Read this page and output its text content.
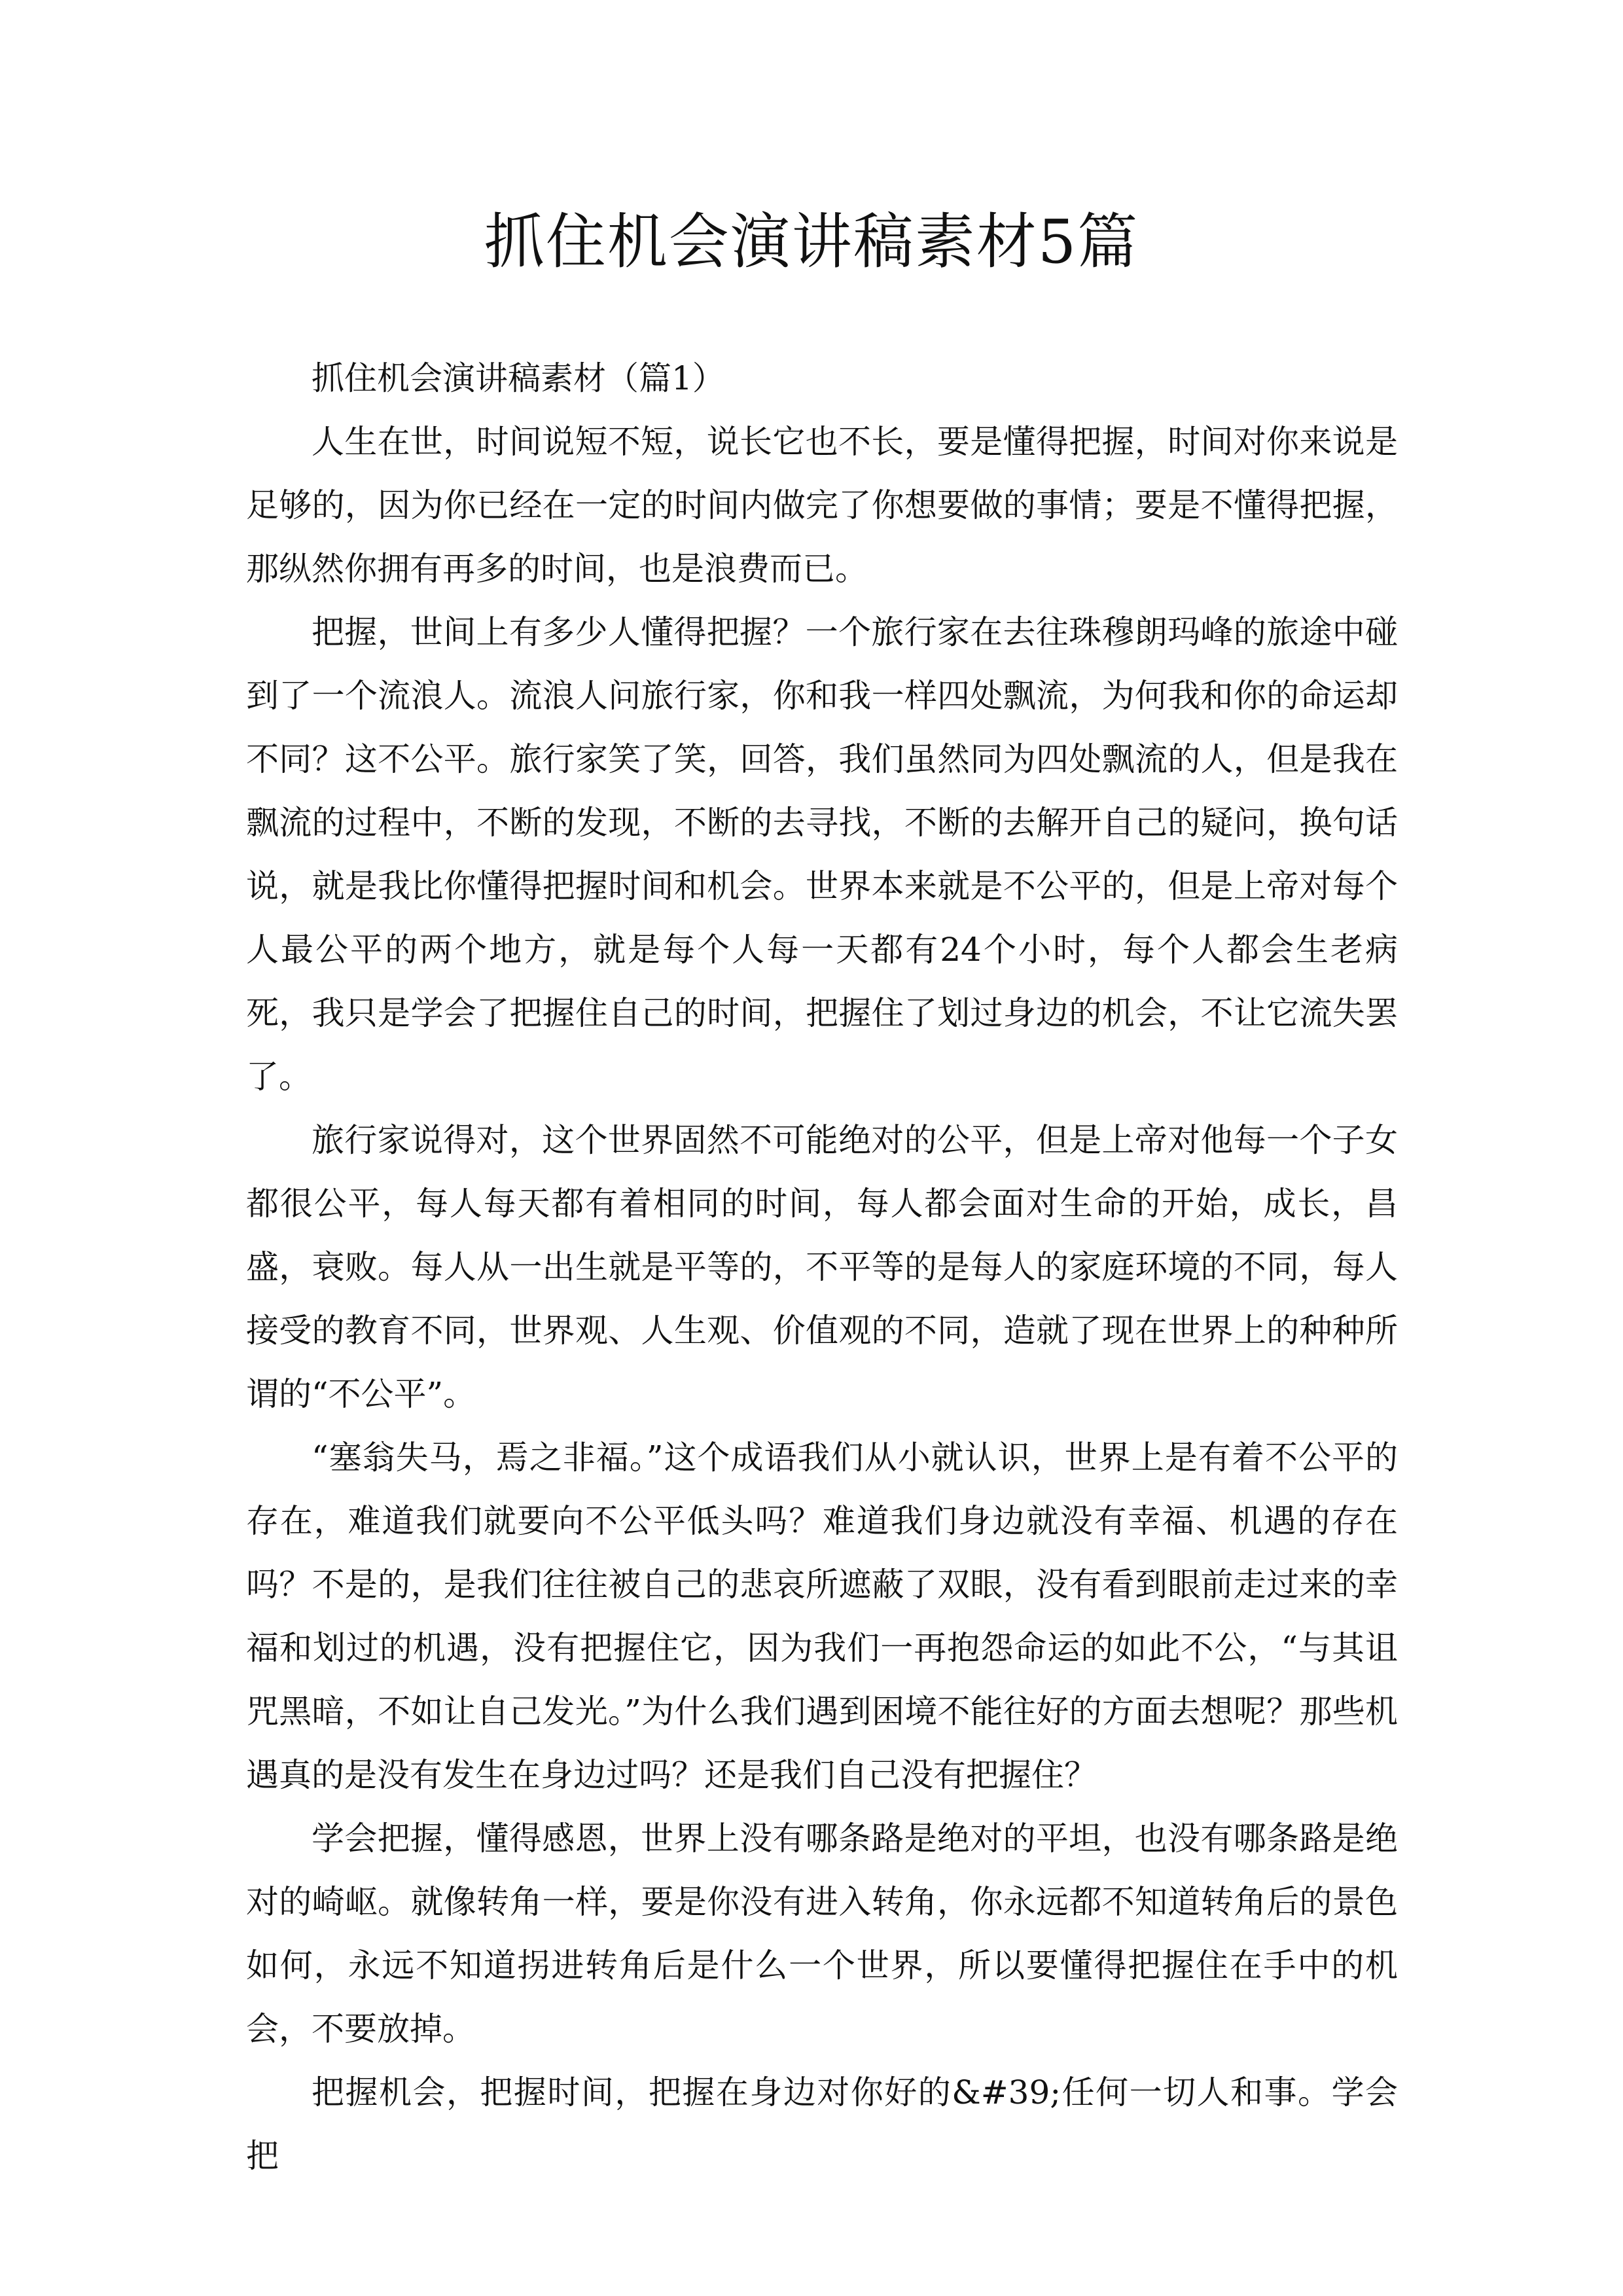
抓住机会演讲稿素材5篇

抓住机会演讲稿素材（篇1）

人生在世，时间说短不短，说长它也不长，要是懂得把握，时间对你来说是足够的，因为你已经在一定的时间内做完了你想要做的事情；要是不懂得把握，那纵然你拥有再多的时间，也是浪费而已。

把握，世间上有多少人懂得把握？一个旅行家在去往珠穆朗玛峰的旅途中碰到了一个流浪人。流浪人问旅行家，你和我一样四处飘流，为何我和你的命运却不同？这不公平。旅行家笑了笑，回答，我们虽然同为四处飘流的人，但是我在飘流的过程中，不断的发现，不断的去寻找，不断的去解开自己的疑问，换句话说，就是我比你懂得把握时间和机会。世界本来就是不公平的，但是上帝对每个人最公平的两个地方，就是每个人每一天都有24个小时，每个人都会生老病死，我只是学会了把握住自己的时间，把握住了划过身边的机会，不让它流失罢了。

旅行家说得对，这个世界固然不可能绝对的公平，但是上帝对他每一个子女都很公平，每人每天都有着相同的时间，每人都会面对生命的开始，成长，昌盛，衰败。每人从一出生就是平等的，不平等的是每人的家庭环境的不同，每人接受的教育不同，世界观、人生观、价值观的不同，造就了现在世界上的种种所谓的“不公平”。

“塞翁失马，焉之非福。”这个成语我们从小就认识，世界上是有着不公平的存在，难道我们就要向不公平低头吗？难道我们身边就没有幸福、机遇的存在吗？不是的，是我们往往被自己的悲哀所遮蔽了双眼，没有看到眼前走过来的幸福和划过的机遇，没有把握住它，因为我们一再抱怨命运的如此不公，“与其诅咒黑暗，不如让自己发光。”为什么我们遇到困境不能往好的方面去想呢？那些机遇真的是没有发生在身边过吗？还是我们自己没有把握住？

学会把握，懂得感恩，世界上没有哪条路是绝对的平坦，也没有哪条路是绝对的崎岖。就像转角一样，要是你没有进入转角，你永远都不知道转角后的景色如何，永远不知道拐进转角后是什么一个世界，所以要懂得把握住在手中的机会，不要放掉。

把握机会，把握时间，把握在身边对你好的&#39;任何一切人和事。学会把
